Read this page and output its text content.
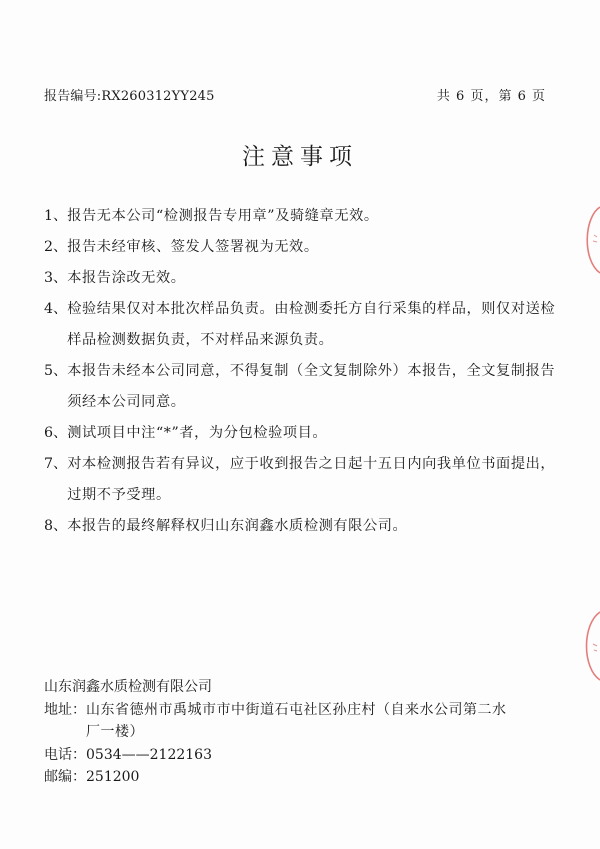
报告编号:RX260312YY245	共 6 页，第 6 页
注意事项
1、 报告无本公司“检测报告专用章”及骑缝章无效。
2、 报告未经审核、签发人签署视为无效。
3、 本报告涂改无效。
4、 检验结果仅对本批次样品负责。由检测委托方自行采集的样品，则仅对送检样品检测数据负责，不对样品来源负责。
5、 本报告未经本公司同意，不得复制（全文复制除外）本报告，全文复制报告须经本公司同意。
6、 测试项目中注“*”者，为分包检验项目。
7、 对本检测报告若有异议，应于收到报告之日起十五日内向我单位书面提出，过期不予受理。
8、 本报告的最终解释权归山东润鑫水质检测有限公司。
山东润鑫水质检测有限公司
地址： 山东省德州市禹城市市中街道石屯社区孙庄村（自来水公司第二水厂一楼）
电话：0534——2122163
邮编：251200
